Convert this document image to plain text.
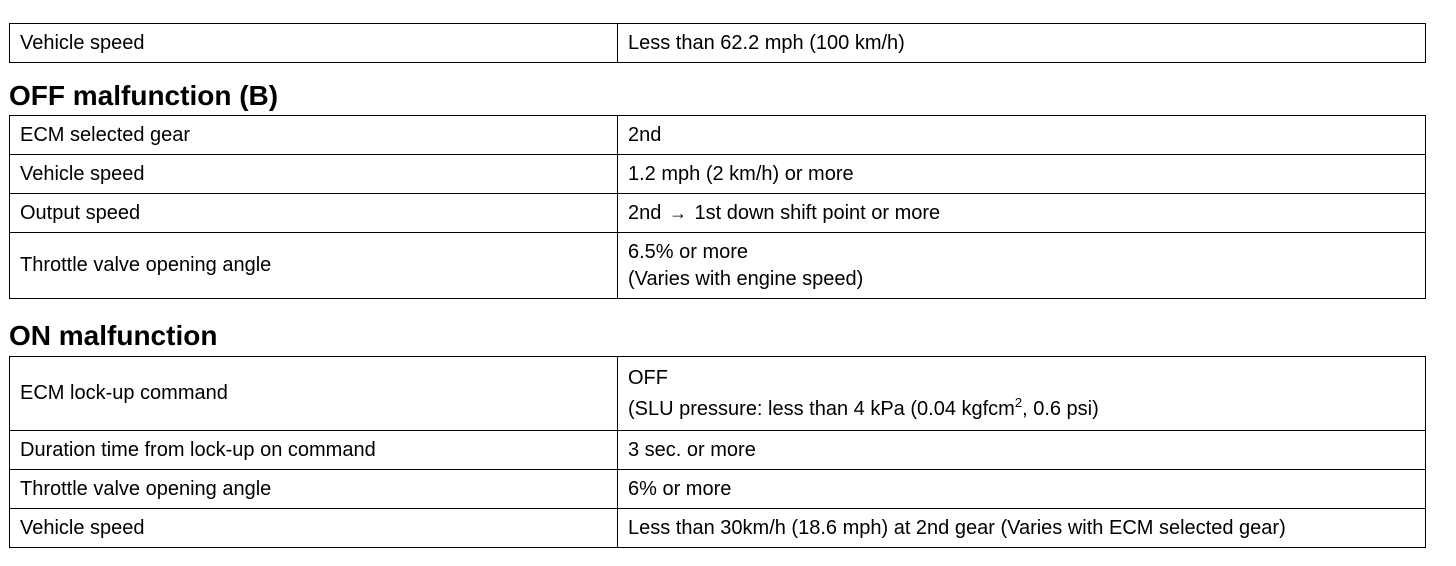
Vehicle speed	Less than 62.2 mph (100 km/h)
OFF malfunction (B)
ECM selected gear	2nd
Vehicle speed	1.2 mph (2 km/h) or more
Output speed	2nd → 1st down shift point or more
Throttle valve opening angle	6.5% or more
(Varies with engine speed)
ON malfunction
ECM lock-up command	OFF
(SLU pressure: less than 4 kPa (0.04 kgfcm$^2$, 0.6 psi)

Duration time from lock-up on command	3 sec. or more
Throttle valve opening angle	6% or more
Vehicle speed	Less than 30km/h (18.6 mph) at 2nd gear (Varies with ECM selected gear)
